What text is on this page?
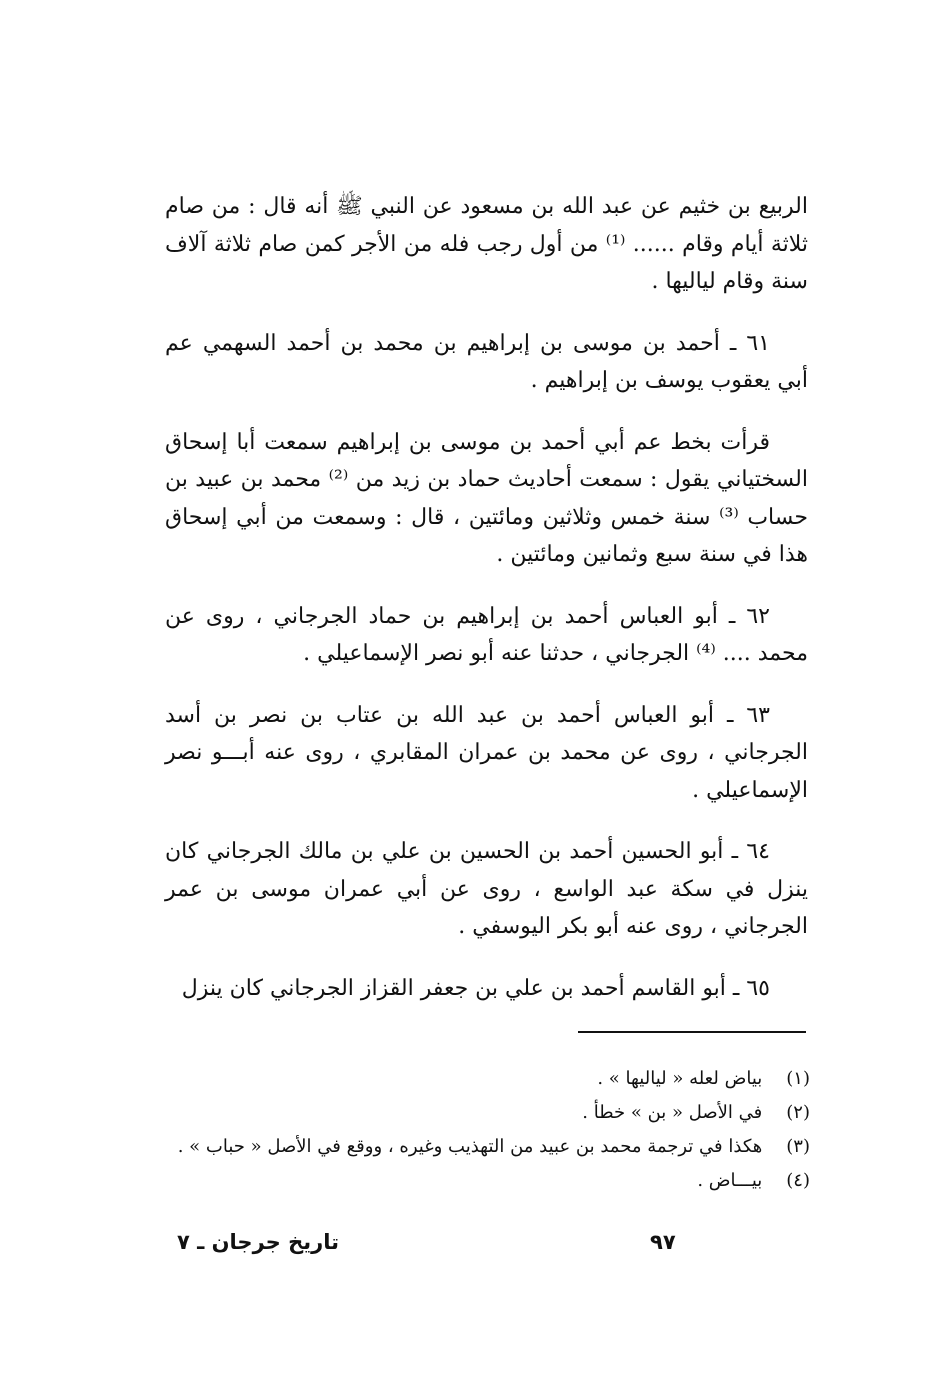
الربيع بن خثيم عن عبد الله بن مسعود عن النبي ﷺ أنه قال : من صام ثلاثة أيام وقام ...... ⁽¹⁾ من أول رجب فله من الأجر كمن صام ثلاثة آلاف سنة وقام لياليها .

٦١ ـ أحمد بن موسى بن إبراهيم بن محمد بن أحمد السهمي عم أبي يعقوب يوسف بن إبراهيم .

قرأت بخط عم أبي أحمد بن موسى بن إبراهيم سمعت أبا إسحاق السختياني يقول : سمعت أحاديث حماد بن زيد من ⁽²⁾ محمد بن عبيد بن حساب ⁽³⁾ سنة خمس وثلاثين ومائتين ، قال : وسمعت من أبي إسحاق هذا في سنة سبع وثمانين ومائتين .

٦٢ ـ أبو العباس أحمد بن إبراهيم بن حماد الجرجاني ، روى عن محمد .... ⁽⁴⁾ الجرجاني ، حدثنا عنه أبو نصر الإسماعيلي .

٦٣ ـ أبو العباس أحمد بن عبد الله بن عتاب بن نصر بن أسد الجرجاني ، روى عن محمد بن عمران المقابري ، روى عنه أبـــو نصر الإسماعيلي .

٦٤ ـ أبو الحسين أحمد بن الحسين بن علي بن مالك الجرجاني كان ينزل في سكة عبد الواسع ، روى عن أبي عمران موسى بن عمر الجرجاني ، روى عنه أبو بكر اليوسفي .

٦٥ ـ أبو القاسم أحمد بن علي بن جعفر القزاز الجرجاني كان ينزل

(١) بياض لعله « لياليها » .
(٢) في الأصل « بن » خطأ .
(٣) هكذا في ترجمة محمد بن عبيد من التهذيب وغيره ، ووقع في الأصل « حباب » .
(٤) بيـــاض .
٩٧
تاريخ جرجان ـ ٧
